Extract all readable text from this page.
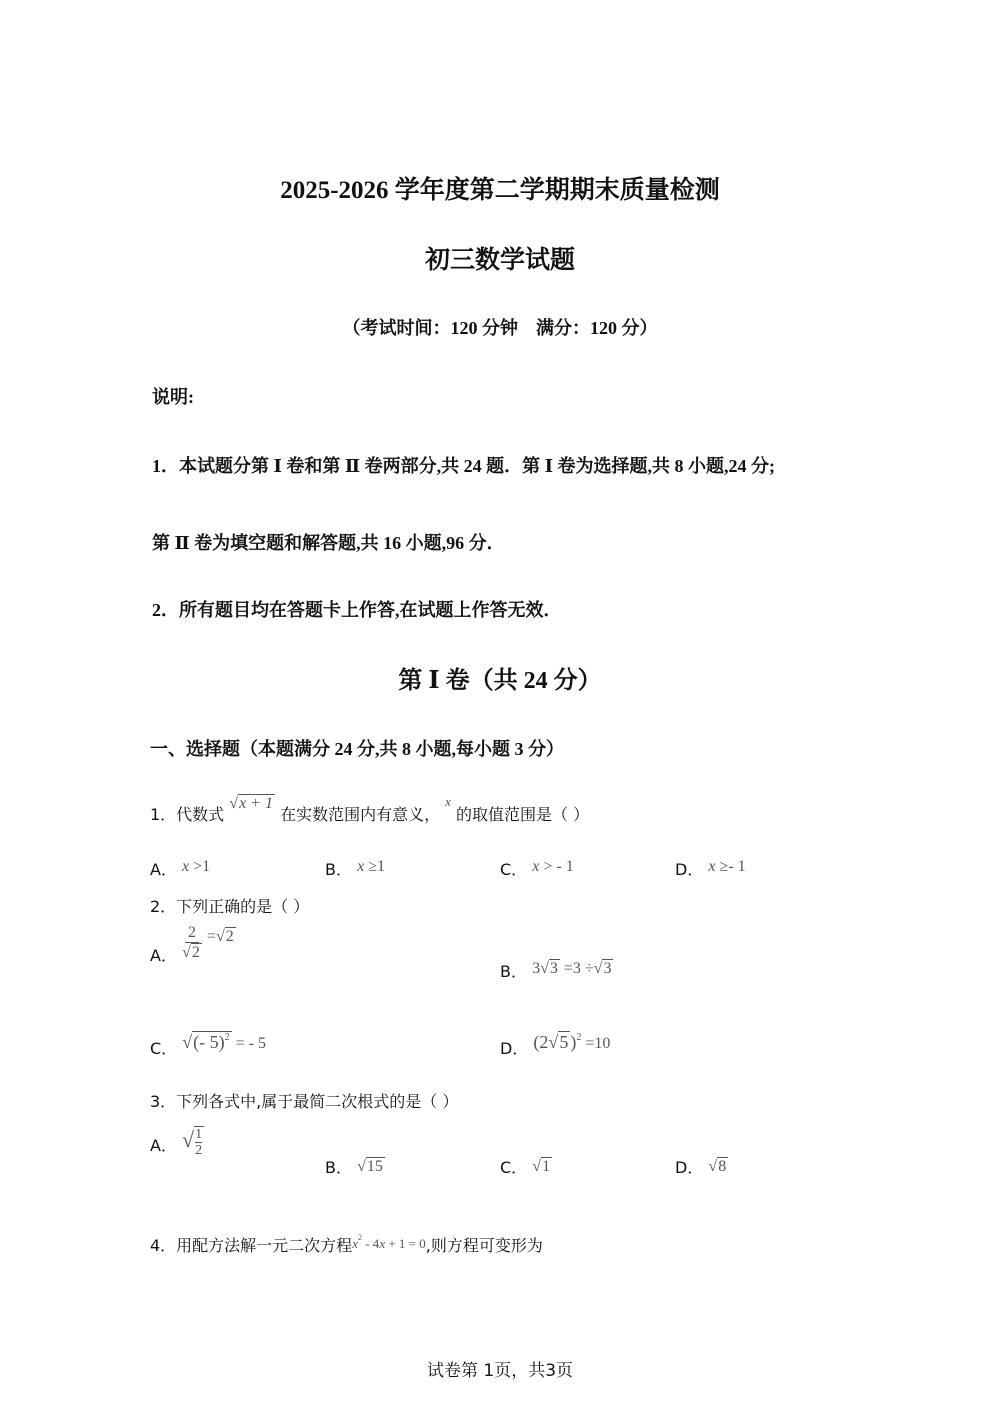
2025-2026 学年度第二学期期末质量检测
初三数学试题
（考试时间：120 分钟　满分：120 分）
说明:
1．本试题分第 Ⅰ 卷和第 Ⅱ 卷两部分,共 24 题．第 Ⅰ 卷为选择题,共 8 小题,24 分;
第 Ⅱ 卷为填空题和解答题,共 16 小题,96 分．
2．所有题目均在答题卡上作答,在试题上作答无效．
第 Ⅰ 卷（共 24 分）
一、选择题（本题满分 24 分,共 8 小题,每小题 3 分）
1．代数式 √x + 1 在实数范围内有意义， x 的取值范围是（ ）
A． x >1	B． x ≥1	C． x > - 1	D． x ≥- 1
2．下列正确的是（ ）
A． $\frac{2}{√2} =√2$
B． 3√3 =3 ÷√3
C． √(- 5)$^2$ = - 5	D． (2√5 )$^2$ =10
3．下列各式中,属于最简二次根式的是（ ）
A． √ $\frac{1}{2}$
B． √15	C． √1	D． √8
4．用配方法解一元二次方程$x^2 - 4x + 1 = 0$,则方程可变形为
试卷第 1页，共3页
